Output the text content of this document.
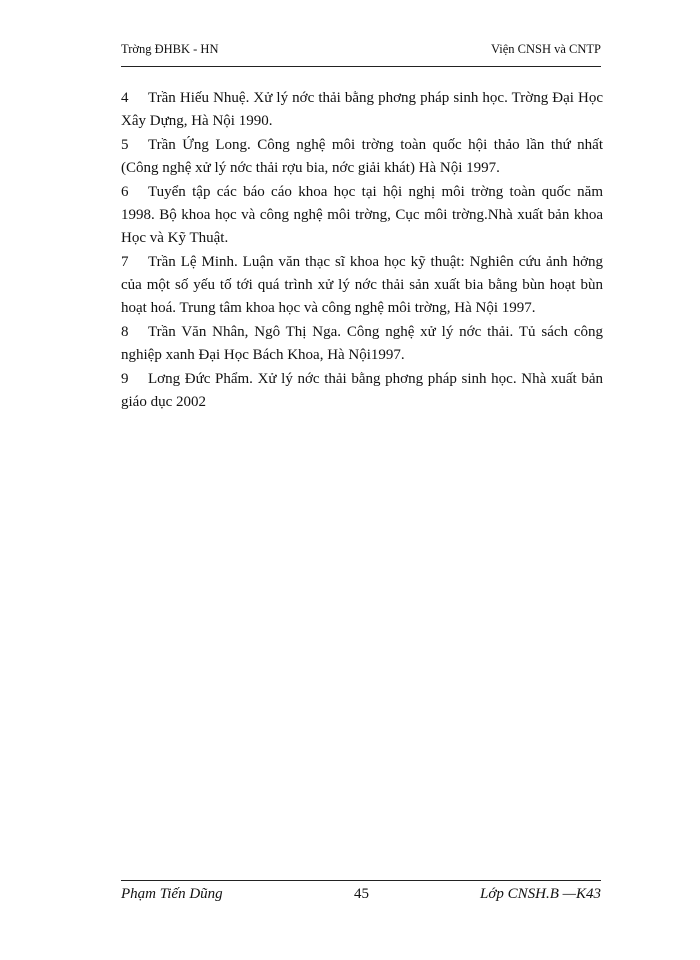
Trờng ĐHBK - HN	Viện CNSH và CNTP
4 Trần Hiếu Nhuệ. Xử lý nớc thải bằng phơng pháp sinh học. Trờng Đại Học Xây Dựng, Hà Nội 1990.
5 Trần Ứng Long. Công nghệ môi trờng toàn quốc hội thảo lần thứ nhất (Công nghệ xử lý nớc thải rợu bia, nớc giải khát) Hà Nội 1997.
6 Tuyển tập các báo cáo khoa học tại hội nghị môi trờng toàn quốc năm 1998. Bộ khoa học và công nghệ môi trờng, Cục môi trờng.Nhà xuất bản khoa Học và Kỹ Thuật.
7 Trần Lệ Minh. Luận văn thạc sĩ khoa học kỹ thuật: Nghiên cứu ảnh hởng của một số yếu tố tới quá trình xử lý nớc thải sản xuất bia bằng bùn hoạt bùn hoạt hoá. Trung tâm khoa học và công nghệ môi trờng, Hà Nội 1997.
8 Trần Văn Nhân, Ngô Thị Nga. Công nghệ xử lý nớc thải. Tủ sách công nghiệp xanh Đại Học Bách Khoa, Hà Nội1997.
9 Lơng Đức Phẩm. Xử lý nớc thải bằng phơng pháp sinh học. Nhà xuất bản giáo dục 2002
Phạm Tiến Dũng	45	Lớp CNSH.B —K43
